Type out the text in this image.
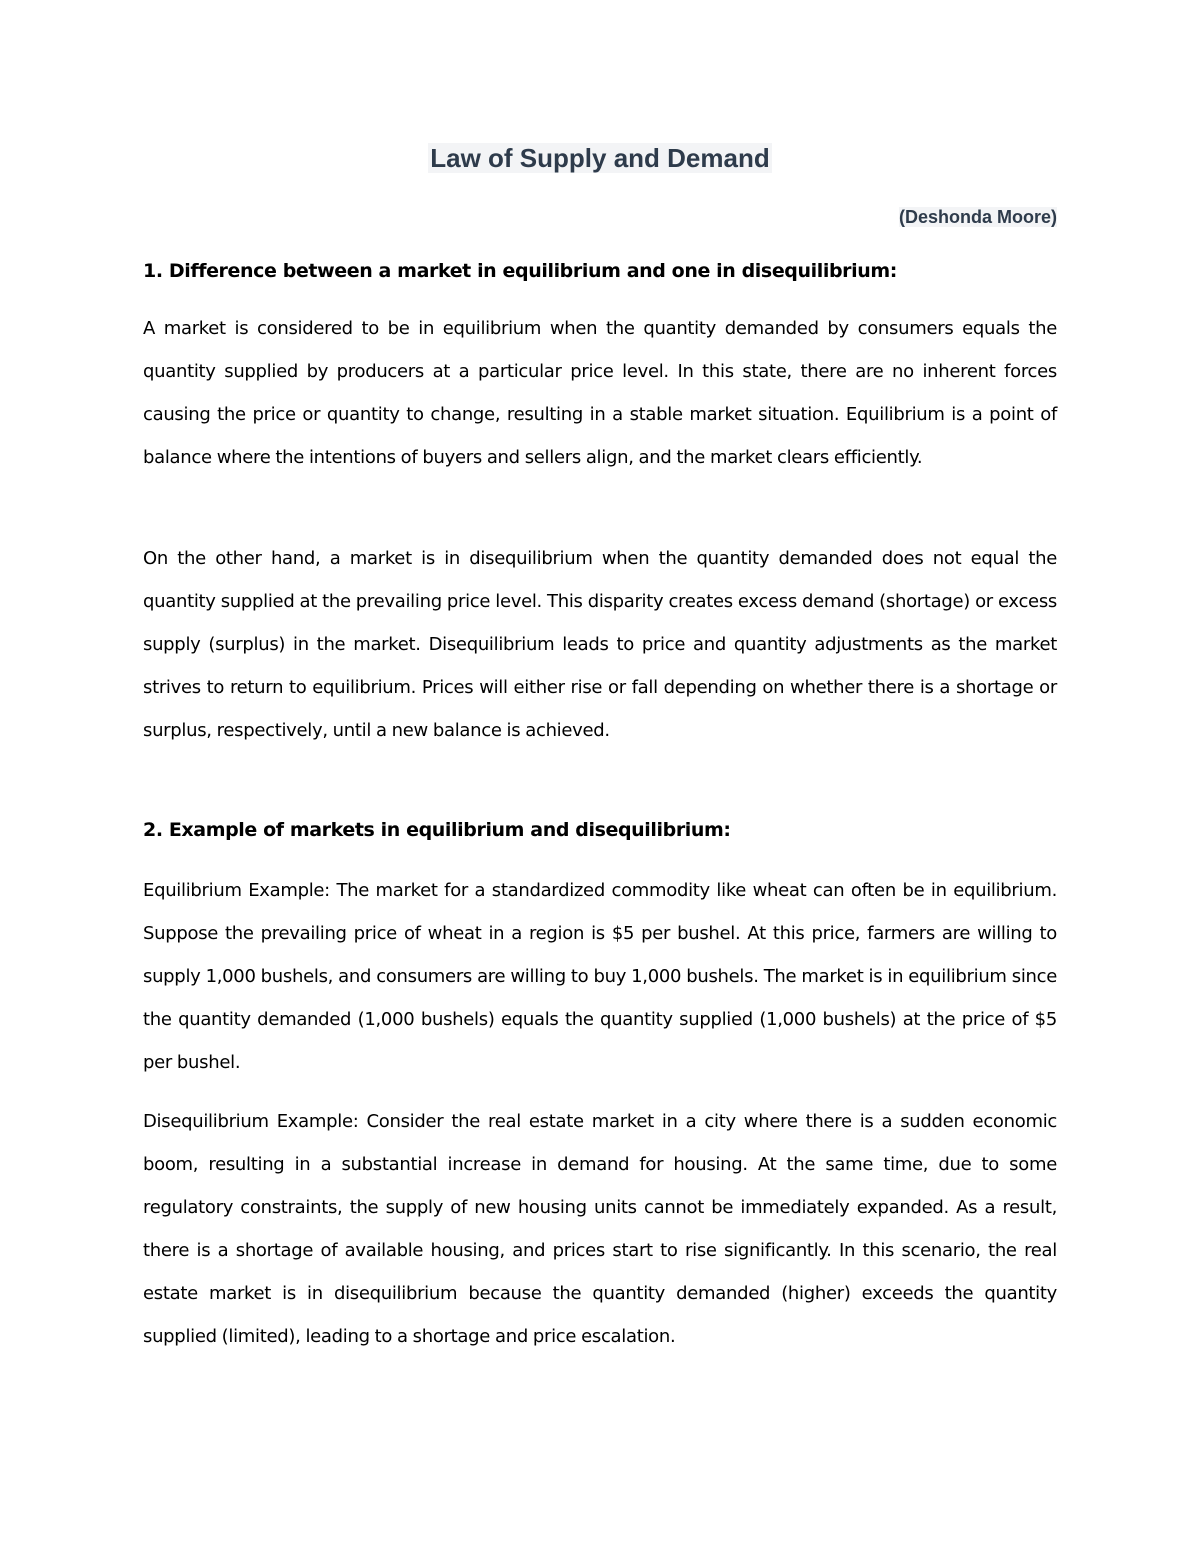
Law of Supply and Demand
(Deshonda Moore)
1. Difference between a market in equilibrium and one in disequilibrium:
A market is considered to be in equilibrium when the quantity demanded by consumers equals the quantity supplied by producers at a particular price level. In this state, there are no inherent forces causing the price or quantity to change, resulting in a stable market situation. Equilibrium is a point of balance where the intentions of buyers and sellers align, and the market clears efficiently.
On the other hand, a market is in disequilibrium when the quantity demanded does not equal the quantity supplied at the prevailing price level. This disparity creates excess demand (shortage) or excess supply (surplus) in the market. Disequilibrium leads to price and quantity adjustments as the market strives to return to equilibrium. Prices will either rise or fall depending on whether there is a shortage or surplus, respectively, until a new balance is achieved.
2. Example of markets in equilibrium and disequilibrium:
Equilibrium Example: The market for a standardized commodity like wheat can often be in equilibrium. Suppose the prevailing price of wheat in a region is $5 per bushel. At this price, farmers are willing to supply 1,000 bushels, and consumers are willing to buy 1,000 bushels. The market is in equilibrium since the quantity demanded (1,000 bushels) equals the quantity supplied (1,000 bushels) at the price of $5 per bushel.
Disequilibrium Example: Consider the real estate market in a city where there is a sudden economic boom, resulting in a substantial increase in demand for housing. At the same time, due to some regulatory constraints, the supply of new housing units cannot be immediately expanded. As a result, there is a shortage of available housing, and prices start to rise significantly. In this scenario, the real estate market is in disequilibrium because the quantity demanded (higher) exceeds the quantity supplied (limited), leading to a shortage and price escalation.
